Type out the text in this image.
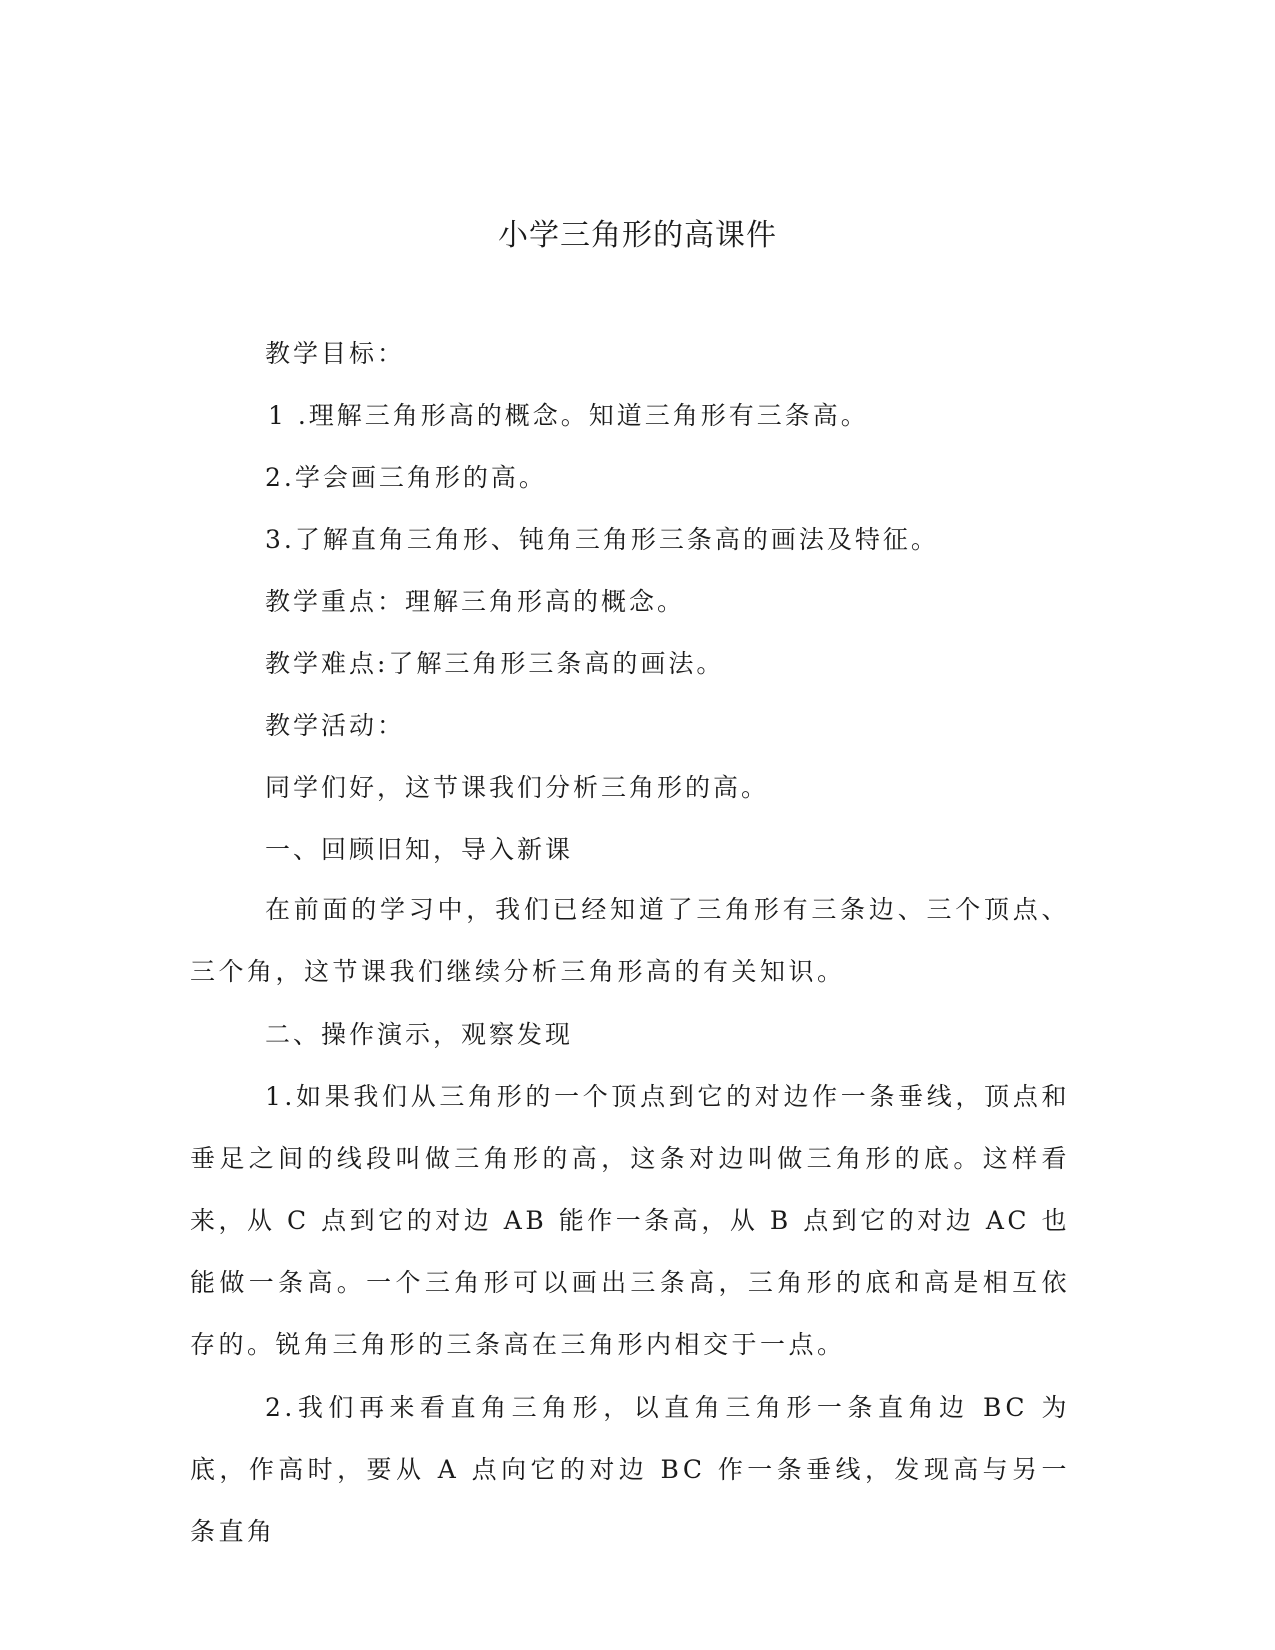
小学三角形的高课件
教学目标：
1 .理解三角形高的概念。知道三角形有三条高。
2.学会画三角形的高。
3.了解直角三角形、钝角三角形三条高的画法及特征。
教学重点：理解三角形高的概念。
教学难点:了解三角形三条高的画法。
教学活动：
同学们好，这节课我们分析三角形的高。
一、回顾旧知，导入新课

在前面的学习中，我们已经知道了三角形有三条边、三个顶点、三个角，这节课我们继续分析三角形高的有关知识。

二、操作演示，观察发现

1.如果我们从三角形的一个顶点到它的对边作一条垂线，顶点和垂足之间的线段叫做三角形的高，这条对边叫做三角形的底。这样看来，从 C 点到它的对边 AB 能作一条高，从 B 点到它的对边 AC 也能做一条高。一个三角形可以画出三条高，三角形的底和高是相互依存的。锐角三角形的三条高在三角形内相交于一点。

2.我们再来看直角三角形，以直角三角形一条直角边 BC 为底，作高时，要从 A 点向它的对边 BC 作一条垂线，发现高与另一条直角
